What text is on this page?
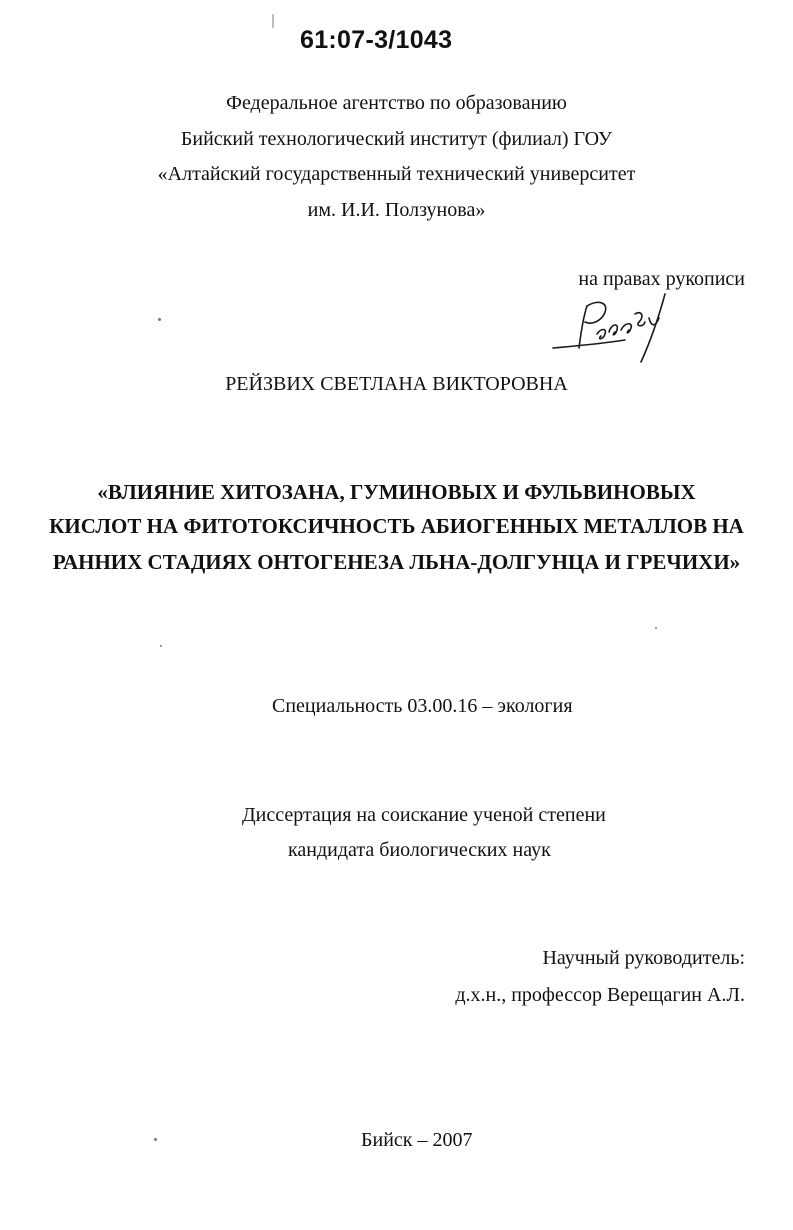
61:07-3/1043
Федеральное агентство по образованию
Бийский технологический институт (филиал) ГОУ
«Алтайский государственный технический университет
им. И.И. Ползунова»
на правах рукописи
РЕЙЗВИХ СВЕТЛАНА ВИКТОРОВНА
«ВЛИЯНИЕ ХИТОЗАНА, ГУМИНОВЫХ И ФУЛЬВИНОВЫХ
КИСЛОТ НА ФИТОТОКСИЧНОСТЬ АБИОГЕННЫХ МЕТАЛЛОВ НА
РАННИХ СТАДИЯХ ОНТОГЕНЕЗА ЛЬНА-ДОЛГУНЦА И ГРЕЧИХИ»
Специальность 03.00.16 – экология
Диссертация на соискание ученой степени
кандидата биологических наук
Научный руководитель:
д.х.н., профессор Верещагин А.Л.
Бийск – 2007
